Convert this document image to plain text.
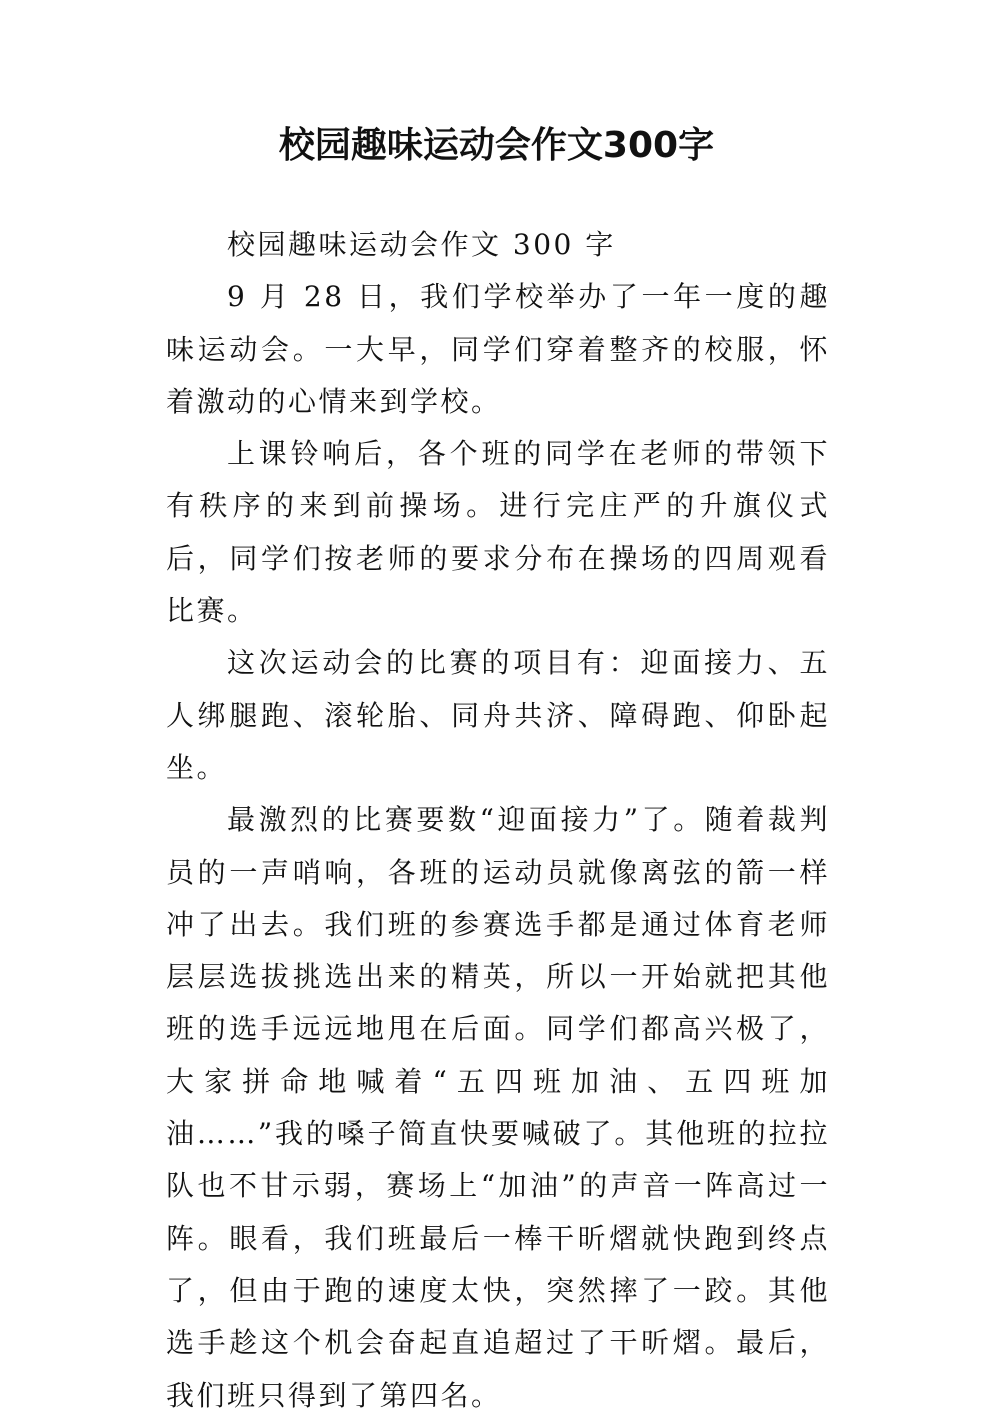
校园趣味运动会作文300字

校园趣味运动会作文 300 字

9 月 28 日，我们学校举办了一年一度的趣味运动会。一大早，同学们穿着整齐的校服，怀着激动的心情来到学校。

上课铃响后，各个班的同学在老师的带领下有秩序的来到前操场。进行完庄严的升旗仪式后，同学们按老师的要求分布在操场的四周观看比赛。

这次运动会的比赛的项目有：迎面接力、五人绑腿跑、滚轮胎、同舟共济、障碍跑、仰卧起坐。

最激烈的比赛要数“迎面接力”了。随着裁判员的一声哨响，各班的运动员就像离弦的箭一样冲了出去。我们班的参赛选手都是通过体育老师层层选拔挑选出来的精英，所以一开始就把其他班的选手远远地甩在后面。同学们都高兴极了，大家拼命地喊着“五四班加油、五四班加油……”我的嗓子简直快要喊破了。其他班的拉拉队也不甘示弱，赛场上“加油”的声音一阵高过一阵。眼看，我们班最后一棒干昕熠就快跑到终点了，但由于跑的速度太快，突然摔了一跤。其他选手趁这个机会奋起直追超过了干昕熠。最后，我们班只得到了第四名。
